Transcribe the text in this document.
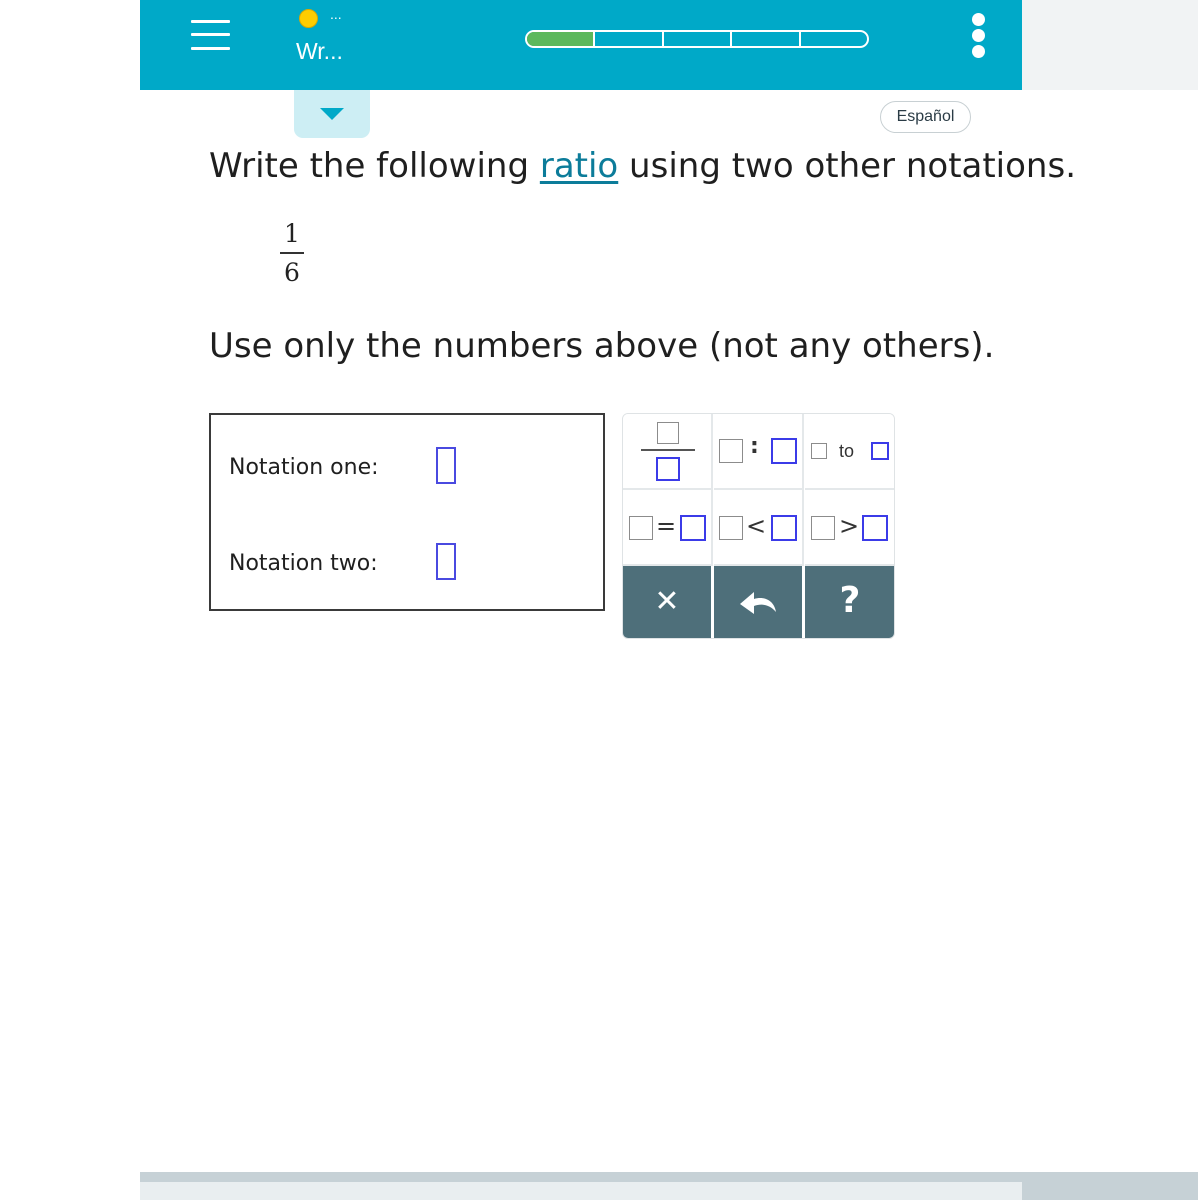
...
Wr...
Español
Write the following ratio using two other notations.
1
6
Use only the numbers above (not any others).
Notation one:
Notation two:
:	to
=	<	>
✕	?
